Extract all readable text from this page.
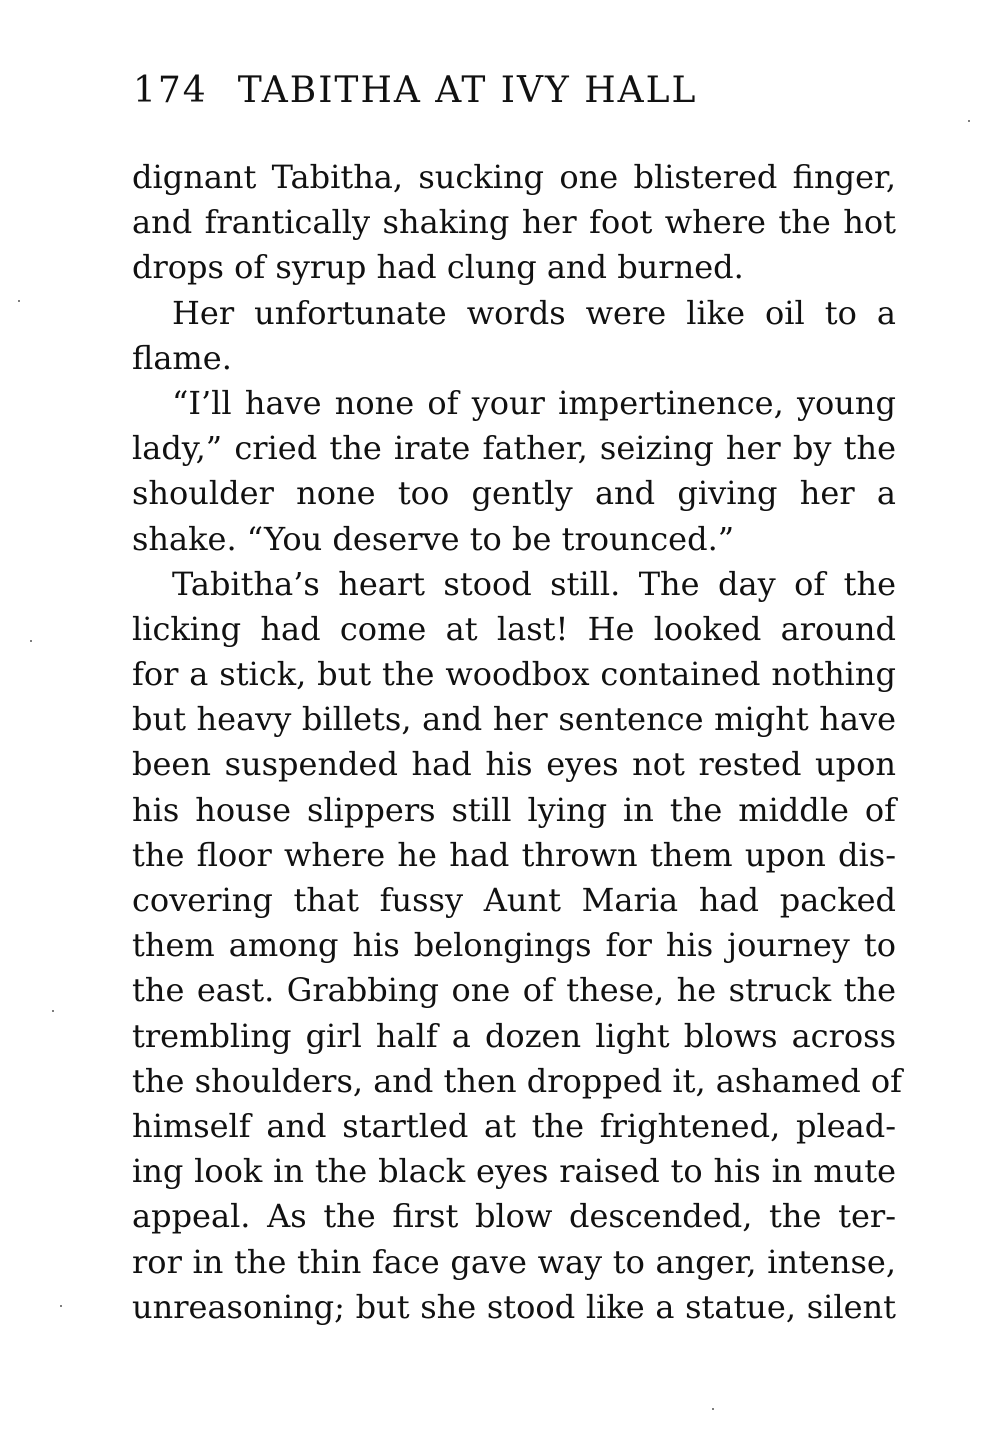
174 TABITHA AT IVY HALL
dignant Tabitha, sucking one blistered finger,
and frantically shaking her foot where the hot
drops of syrup had clung and burned.
Her unfortunate words were like oil to a
flame.
“I’ll have none of your impertinence, young
lady,” cried the irate father, seizing her by the
shoulder none too gently and giving her a
shake. “You deserve to be trounced.”
Tabitha’s heart stood still. The day of the
licking had come at last! He looked around
for a stick, but the woodbox contained nothing
but heavy billets, and her sentence might have
been suspended had his eyes not rested upon
his house slippers still lying in the middle of
the floor where he had thrown them upon dis-
covering that fussy Aunt Maria had packed
them among his belongings for his journey to
the east. Grabbing one of these, he struck the
trembling girl half a dozen light blows across
the shoulders, and then dropped it, ashamed of
himself and startled at the frightened, plead-
ing look in the black eyes raised to his in mute
appeal. As the first blow descended, the ter-
ror in the thin face gave way to anger, intense,
unreasoning; but she stood like a statue, silent
